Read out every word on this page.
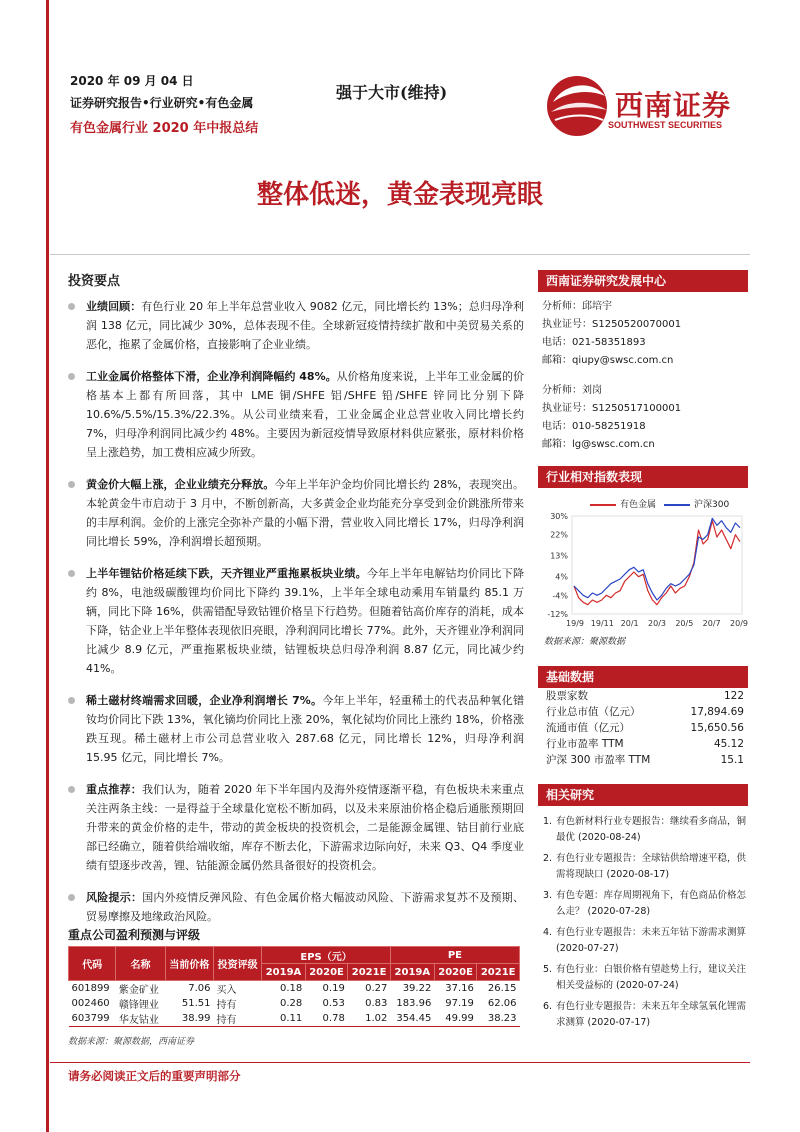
2020 年 09 月 04 日
证券研究报告•行业研究•有色金属
有色金属行业 2020 年中报总结
强于大市(维持)	西南证券
SOUTHWEST SECURITIES
整体低迷，黄金表现亮眼
投资要点
业绩回顾：有色行业 20 年上半年总营业收入 9082 亿元，同比增长约 13%；总归母净利润 138 亿元，同比减少 30%，总体表现不佳。全球新冠疫情持续扩散和中美贸易关系的恶化，拖累了金属价格，直接影响了企业业绩。
工业金属价格整体下滑，企业净利润降幅约 48%。从价格角度来说，上半年工业金属的价格基本上都有所回落，其中 LME 铜/SHFE 铝/SHFE 铅/SHFE 锌同比分别下降 10.6%/5.5%/15.3%/22.3%。从公司业绩来看，工业金属企业总营业收入同比增长约 7%，归母净利润同比减少约 48%。主要因为新冠疫情导致原材料供应紧张，原材料价格呈上涨趋势，加工费相应减少所致。
黄金价大幅上涨，企业业绩充分释放。今年上半年沪金均价同比增长约 28%，表现突出。本轮黄金牛市启动于 3 月中，不断创新高，大多黄金企业均能充分享受到金价跳涨所带来的丰厚利润。金价的上涨完全弥补产量的小幅下滑，营业收入同比增长 17%，归母净利润同比增长 59%，净利润增长超预期。
上半年锂钴价格延续下跌，天齐锂业严重拖累板块业绩。今年上半年电解钴均价同比下降约 8%，电池级碳酸锂均价同比下降约 39.1%，上半年全球电动乘用车销量约 85.1 万辆，同比下降 16%，供需错配导致钴锂价格呈下行趋势。但随着钴高价库存的消耗，成本下降，钴企业上半年整体表现依旧亮眼，净利润同比增长 77%。此外，天齐锂业净利润同比减少 8.9 亿元，严重拖累板块业绩，钴锂板块总归母净利润 8.87 亿元，同比减少约 41%。
稀土磁材终端需求回暖，企业净利润增长 7%。今年上半年，轻重稀土的代表品种氧化镨钕均价同比下跌 13%，氧化镝均价同比上涨 20%，氧化铽均价同比上涨约 18%，价格涨跌互现。稀土磁材上市公司总营业收入 287.68 亿元，同比增长 12%，归母净利润 15.95 亿元，同比增长 7%。
重点推荐：我们认为，随着 2020 年下半年国内及海外疫情逐渐平稳，有色板块未来重点关注两条主线：一是得益于全球量化宽松不断加码，以及未来原油价格企稳后通胀预期回升带来的黄金价格的走牛，带动的黄金板块的投资机会，二是能源金属锂、钴目前行业底部已经确立，随着供给端收缩，库存不断去化，下游需求边际向好，未来 Q3、Q4 季度业绩有望逐步改善，锂、钴能源金属仍然具备很好的投资机会。
风险提示：国内外疫情反弹风险、有色金属价格大幅波动风险、下游需求复苏不及预期、贸易摩擦及地缘政治风险。
重点公司盈利预测与评级
代码	名称	当前价格	投资评级	EPS（元）			PE		
				2019A	2020E	2021E	2019A	2020E	2021E
601899	紫金矿业	7.06	买入	0.18	0.19	0.27	39.22	37.16	26.15
002460	赣锋锂业	51.51	持有	0.28	0.53	0.83	183.96	97.19	62.06
603799	华友钴业	38.99	持有	0.11	0.78	1.02	354.45	49.99	38.23
数据来源：聚源数据，西南证券
西南证券研究发展中心
分析师：邱培宇
执业证号：S1250520070001
电话：021-58351893
邮箱：qiupy@swsc.com.cn
分析师：刘岗
执业证号：S1250517100001
电话：010-58251918
邮箱：lg@swsc.com.cn
行业相对指数表现
有色金属	沪深300
30%
22%
13%
4%
-4%
-12%
19/9 19/11 20/1 20/3 20/5 20/7 20/9
数据来源：聚源数据
基础数据
股票家数	122
行业总市值（亿元）	17,894.69
流通市值（亿元）	15,650.56
行业市盈率 TTM	45.12
沪深 300 市盈率 TTM	15.1
相关研究
1. 有色新材料行业专题报告：继续看多商品，铜最优 (2020-08-24)
2. 有色行业专题报告：全球钴供给增速平稳，供需将现缺口 (2020-08-17)
3. 有色专题：库存周期视角下，有色商品价格怎么走？ (2020-07-28)
4. 有色行业专题报告：未来五年钴下游需求测算 (2020-07-27)
5. 有色行业：白银价格有望趁势上行，建议关注相关受益标的 (2020-07-24)
6. 有色行业专题报告：未来五年全球氢氧化锂需求测算 (2020-07-17)
请务必阅读正文后的重要声明部分
